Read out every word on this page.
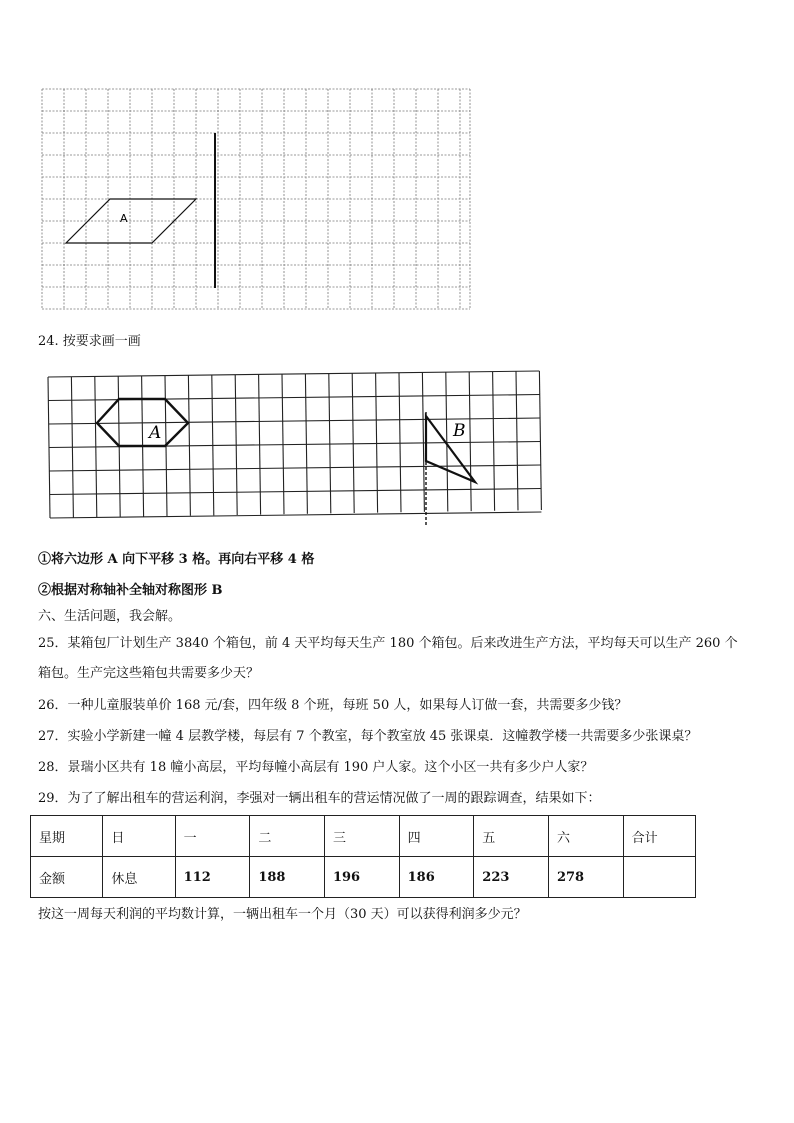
A
24. 按要求画一画
A	B
①将六边形 A 向下平移 3 格。再向右平移 4 格
②根据对称轴补全轴对称图形 B
六、生活问题，我会解。
25．某箱包厂计划生产 3840 个箱包，前 4 天平均每天生产 180 个箱包。后来改进生产方法，平均每天可以生产 260 个
箱包。生产完这些箱包共需要多少天？
26．一种儿童服装单价 168 元/套，四年级 8 个班，每班 50 人，如果每人订做一套，共需要多少钱？
27．实验小学新建一幢 4 层教学楼，每层有 7 个教室，每个教室放 45 张课桌．这幢教学楼一共需要多少张课桌？
28．景瑞小区共有 18 幢小高层，平均每幢小高层有 190 户人家。这个小区一共有多少户人家？
29．为了了解出租车的营运利润，李强对一辆出租车的营运情况做了一周的跟踪调查，结果如下：
星期	日	一	二	三	四	五	六	合计
金额	休息	112	188	196	186	223	278	
按这一周每天利润的平均数计算，一辆出租车一个月（30 天）可以获得利润多少元？
